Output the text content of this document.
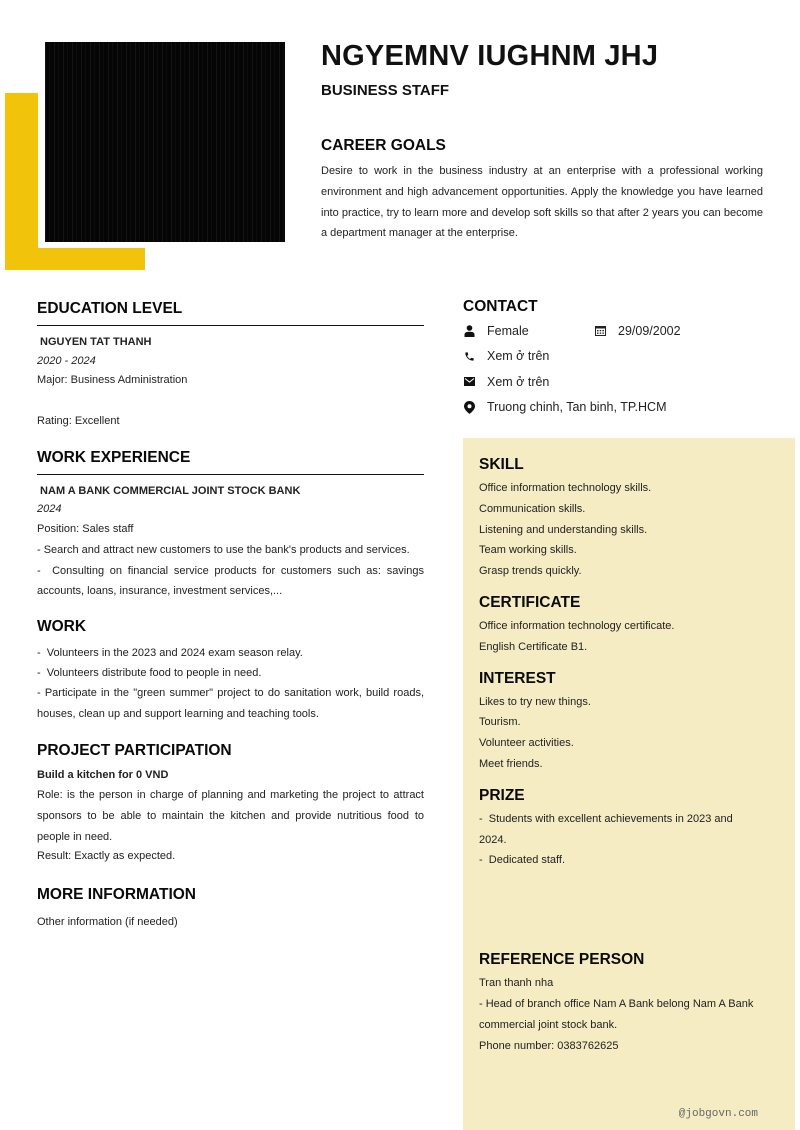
NGYEMNV IUGHNM JHJ
BUSINESS STAFF
CAREER GOALS
Desire to work in the business industry at an enterprise with a professional working environment and high advancement opportunities. Apply the knowledge you have learned into practice, try to learn more and develop soft skills so that after 2 years you can become a department manager at the enterprise.
EDUCATION LEVEL
NGUYEN TAT THANH
2020 - 2024
Major: Business Administration
Rating: Excellent
WORK EXPERIENCE
NAM A BANK COMMERCIAL JOINT STOCK BANK
2024
Position: Sales staff
- Search and attract new customers to use the bank's products and services.
-  Consulting on financial service products for customers such as: savings accounts, loans, insurance, investment services,...
WORK
-  Volunteers in the 2023 and 2024 exam season relay.
-  Volunteers distribute food to people in need.
- Participate in the "green summer" project to do sanitation work, build roads, houses, clean up and support learning and teaching tools.
PROJECT PARTICIPATION
Build a kitchen for 0 VND
Role: is the person in charge of planning and marketing the project to attract sponsors to be able to maintain the kitchen and provide nutritious food to people in need.
Result: Exactly as expected.
MORE INFORMATION
Other information (if needed)
CONTACT
Female	29/09/2002
Xem ở trên
Xem ở trên
Truong chinh, Tan binh, TP.HCM
SKILL
Office information technology skills.
Communication skills.
Listening and understanding skills.
Team working skills.
Grasp trends quickly.
CERTIFICATE
Office information technology certificate.
English Certificate B1.
INTEREST
Likes to try new things.
Tourism.
Volunteer activities.
Meet friends.
PRIZE
-  Students with excellent achievements in 2023 and 2024.
-  Dedicated staff.
REFERENCE PERSON
Tran thanh nha
- Head of branch office Nam A Bank belong Nam A Bank commercial joint stock bank.
Phone number: 0383762625
@jobgovn.com
